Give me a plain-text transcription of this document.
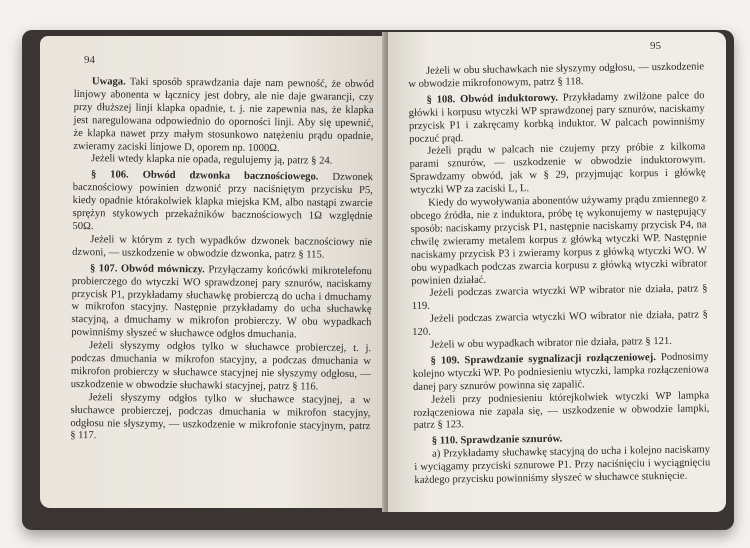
94

Uwaga. Taki sposób sprawdzania daje nam pewność, że obwód linjowy abonenta w łącznicy jest dobry, ale nie daje gwarancji, czy przy dłuższej linji klapka opadnie, t. j. nie zapewnia nas, że klapka jest naregulowana odpowiednio do oporności linji. Aby się upewnić, że klapka nawet przy małym stosunkowo natężeniu prądu opadnie, zwieramy zaciski linjowe D, oporem np. 1000Ω.

Jeżeli wtedy klapka nie opada, regulujemy ją, patrz § 24.

§ 106. Obwód dzwonka bacznościowego. Dzwonek bacznościowy powinien dzwonić przy naciśniętym przycisku P5, kiedy opadnie którakolwiek klapka miejska KM, albo nastąpi zwarcie sprężyn stykowych przekaźników bacznościowych 1Ω względnie 50Ω.

Jeżeli w którym z tych wypadków dzwonek bacznościowy nie dzwoni, — uszkodzenie w obwodzie dzwonka, patrz § 115.

§ 107. Obwód mówniczy. Przyłączamy końcówki mikrotelefonu probierczego do wtyczki WO sprawdzonej pary sznurów, naciskamy przycisk P1, przykładamy słuchawkę probierczą do ucha i dmuchamy w mikrofon stacyjny. Następnie przykładamy do ucha słuchawkę stacyjną, a dmuchamy w mikrofon probierczy. W obu wypadkach powinniśmy słyszeć w słuchawce odgłos dmuchania.

Jeżeli słyszymy odgłos tylko w słuchawce probierczej, t. j. podczas dmuchania w mikrofon stacyjny, a podczas dmuchania w mikrofon probierczy w słuchawce stacyjnej nie słyszymy odgłosu, — uszkodzenie w obwodzie słuchawki stacyjnej, patrz § 116.

Jeżeli słyszymy odgłos tylko w słuchawce stacyjnej, a w słuchawce probierczej, podczas dmuchania w mikrofon stacyjny, odgłosu nie słyszymy, — uszkodzenie w mikrofonie stacyjnym, patrz § 117.

95

Jeżeli w obu słuchawkach nie słyszymy odgłosu, — uszkodzenie w obwodzie mikrofonowym, patrz § 118.

§ 108. Obwód induktorowy. Przykładamy zwilżone palce do główki i korpusu wtyczki WP sprawdzonej pary sznurów, naciskamy przycisk P1 i zakręcamy korbką induktor. W palcach powinniśmy poczuć prąd.

Jeżeli prądu w palcach nie czujemy przy próbie z kilkoma parami sznurów, — uszkodzenie w obwodzie induktorowym. Sprawdzamy obwód, jak w § 29, przyjmując korpus i główkę wtyczki WP za zaciski L, L.

Kiedy do wywoływania abonentów używamy prądu zmiennego z obcego źródła, nie z induktora, próbę tę wykonujemy w następujący sposób: naciskamy przycisk P1, następnie naciskamy przycisk P4, na chwilę zwieramy metalem korpus z główką wtyczki WP. Następnie naciskamy przycisk P3 i zwieramy korpus z główką wtyczki WO. W obu wypadkach podczas zwarcia korpusu z główką wtyczki wibrator powinien działać.

Jeżeli podczas zwarcia wtyczki WP wibrator nie działa, patrz § 119.

Jeżeli podczas zwarcia wtyczki WO wibrator nie działa, patrz § 120.

Jeżeli w obu wypadkach wibrator nie działa, patrz § 121.

§ 109. Sprawdzanie sygnalizacji rozłączeniowej. Podnosimy kolejno wtyczki WP. Po podniesieniu wtyczki, lampka rozłączeniowa danej pary sznurów powinna się zapalić.

Jeżeli przy podniesieniu którejkolwiek wtyczki WP lampka rozłączeniowa nie zapala się, — uszkodzenie w obwodzie lampki, patrz § 123.

§ 110. Sprawdzanie sznurów.

a) Przykładamy słuchawkę stacyjną do ucha i kolejno naciskamy i wyciągamy przyciski sznurowe P1. Przy naciśnięciu i wyciągnięciu każdego przycisku powinniśmy słyszeć w słuchawce stuknięcie.
